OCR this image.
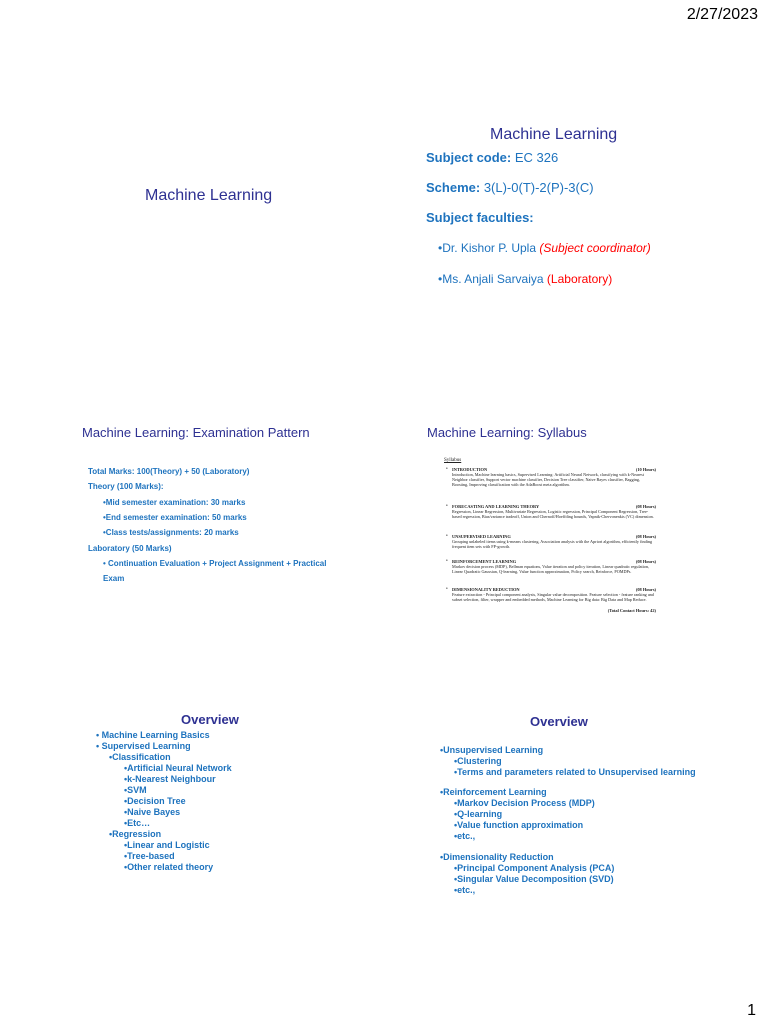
2/27/2023
Machine Learning
Machine Learning
Subject code: EC 326
Scheme: 3(L)-0(T)-2(P)-3(C)
Subject faculties:
•Dr. Kishor P. Upla (Subject coordinator)
•Ms. Anjali Sarvaiya (Laboratory)
Machine Learning: Examination Pattern
Total Marks: 100(Theory) + 50 (Laboratory)
Theory (100 Marks):
•Mid semester examination: 30 marks
•End semester examination: 50 marks
•Class tests/assignments: 20 marks
Laboratory (50 Marks)
• Continuation Evaluation + Project Assignment + Practical
Exam
Machine Learning: Syllabus
Syllabus
• INTRODUCTION	(10 Hours)
Introduction, Machine learning basics, Supervised Learning: Artificial Neural Network, classifying with k-Nearest Neighbor classifier, Support vector machine classifier, Decision Tree classifier, Naive Bayes classifier, Bagging, Boosting, Improving classification with the AdaBoost meta algorithm.
• FORECASTING AND LEARNING THEORY	(08 Hours)
Regression, Linear Regression, Multivariate Regression, Logistic regression, Principal Component Regression, Tree-based regression, Bias/variance tradeoff, Union and Chernoff/Hoeffding bounds, Vapnik-Chervonenkis (VC) dimension.
• UNSUPERVISED LEARNING	(08 Hours)
Grouping unlabeled items using k-means clustering, Association analysis with the Apriori algorithm, efficiently finding frequent item sets with FP-growth.
• REINFORCEMENT LEARNING	(08 Hours)
Markov decision process (MDP), Bellman equations, Value iteration and policy iteration, Linear quadratic regulation, Linear Quadratic Gaussian, Q-learning, Value function approximation, Policy search, Reinforce, POMDPs.
• DIMENSIONALITY REDUCTION	(08 Hours)
Feature extraction - Principal component analysis, Singular value decomposition. Feature selection - feature ranking and subset selection, filter, wrapper and embedded methods, Machine Learning for Big data: Big Data and Map Reduce.
(Total Contact Hours: 42)
Overview
• Machine Learning Basics
• Supervised Learning
•Classification
•Artificial Neural Network
•k-Nearest Neighbour
•SVM
•Decision Tree
•Naive Bayes
•Etc…
•Regression
•Linear and Logistic
•Tree-based
•Other related theory
Overview
•Unsupervised Learning
•Clustering
•Terms and parameters related to Unsupervised learning
•Reinforcement Learning
•Markov Decision Process (MDP)
•Q-learning
•Value function approximation
•etc.,
•Dimensionality Reduction
•Principal Component Analysis (PCA)
•Singular Value Decomposition (SVD)
•etc.,
1
